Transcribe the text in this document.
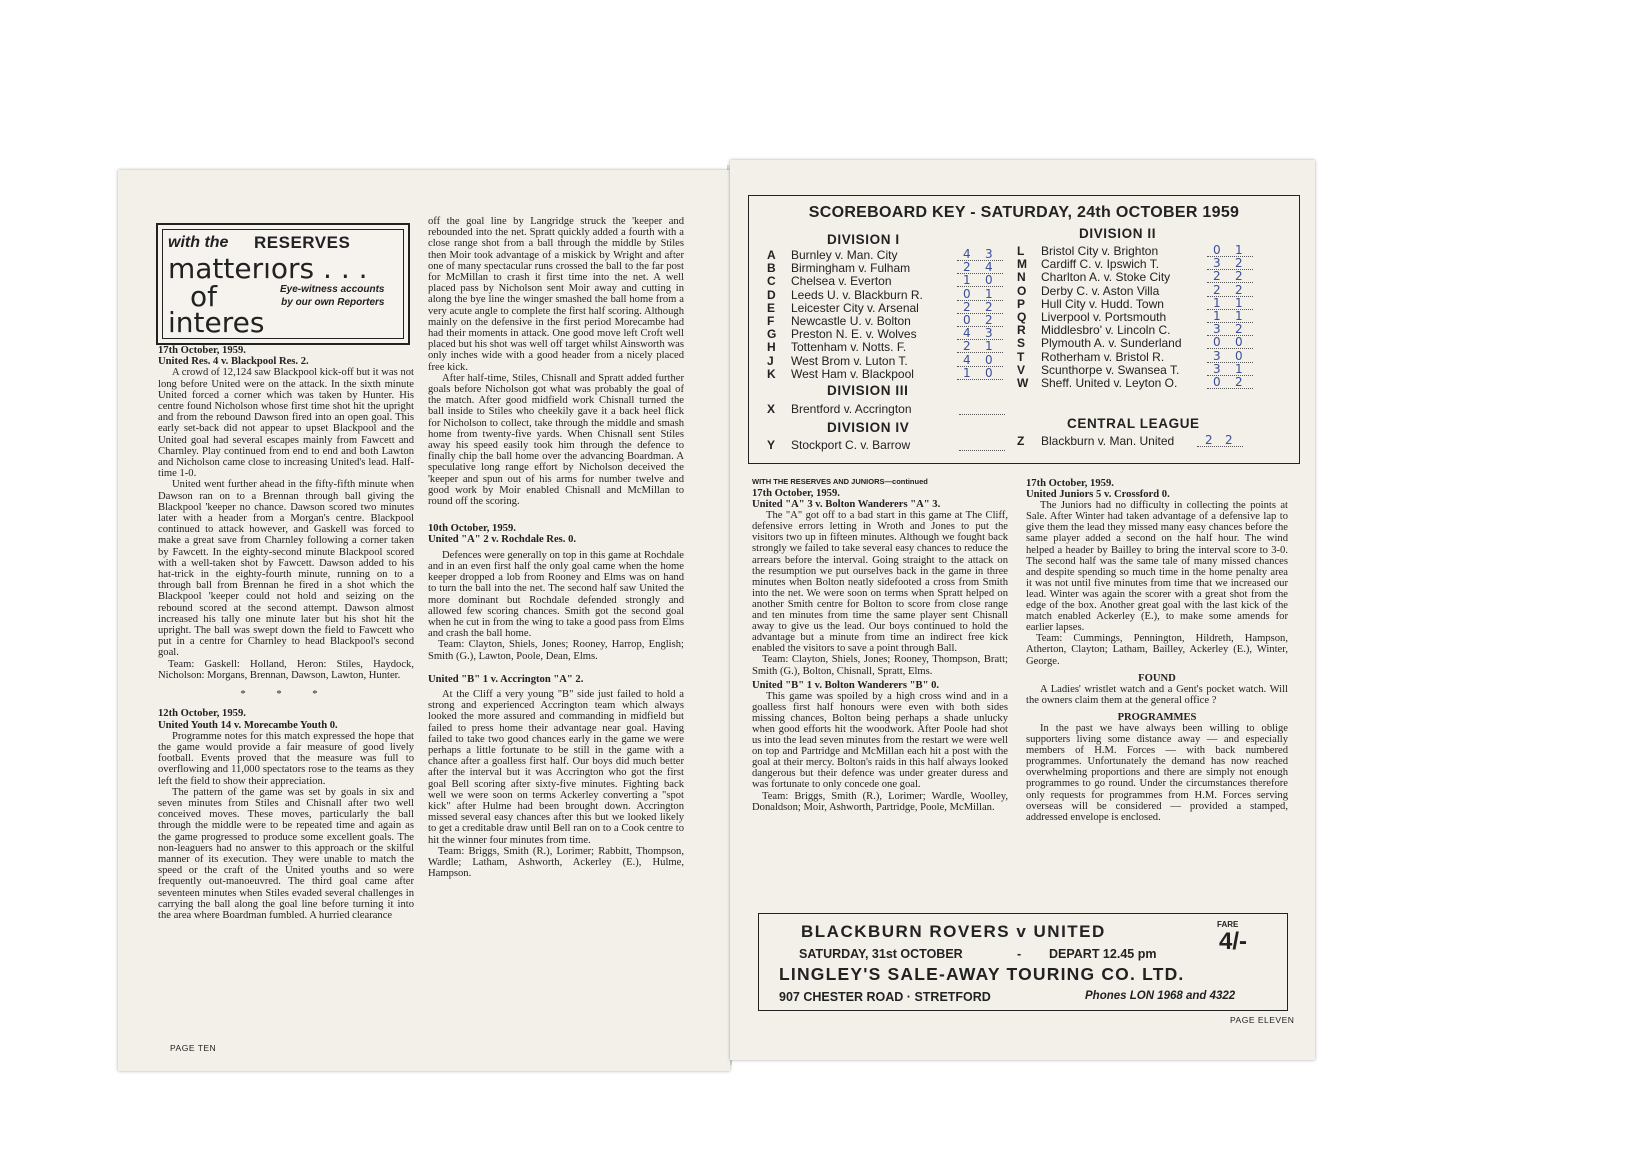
with the RESERVES
matterıors . . .
of
interes
Eye-witness accounts
by our own Reporters

17th October, 1959.

United Res. 4 v. Blackpool Res. 2.

A crowd of 12,124 saw Blackpool kick-off but it was not long before United were on the attack. In the sixth minute United forced a corner which was taken by Hunter. His centre found Nicholson whose first time shot hit the upright and from the rebound Dawson fired into an open goal. This early set-back did not appear to upset Blackpool and the United goal had several escapes mainly from Fawcett and Charnley. Play continued from end to end and both Lawton and Nicholson came close to increasing United's lead. Half-time 1-0.

United went further ahead in the fifty-fifth minute when Dawson ran on to a Brennan through ball giving the Blackpool 'keeper no chance. Dawson scored two minutes later with a header from a Morgan's centre. Blackpool continued to attack however, and Gaskell was forced to make a great save from Charnley following a corner taken by Fawcett. In the eighty-second minute Blackpool scored with a well-taken shot by Fawcett. Dawson added to his hat-trick in the eighty-fourth minute, running on to a through ball from Brennan he fired in a shot which the Blackpool 'keeper could not hold and seizing on the rebound scored at the second attempt. Dawson almost increased his tally one minute later but his shot hit the upright. The ball was swept down the field to Fawcett who put in a centre for Charnley to head Blackpool's second goal.

Team: Gaskell: Holland, Heron: Stiles, Haydock, Nicholson: Morgans, Brennan, Dawson, Lawton, Hunter.

* * *

12th October, 1959.

United Youth 14 v. Morecambe Youth 0.

Programme notes for this match expressed the hope that the game would provide a fair measure of good lively football. Events proved that the measure was full to overflowing and 11,000 spectators rose to the teams as they left the field to show their appreciation.

The pattern of the game was set by goals in six and seven minutes from Stiles and Chisnall after two well conceived moves. These moves, particularly the ball through the middle were to be repeated time and again as the game progressed to produce some excellent goals. The non-leaguers had no answer to this approach or the skilful manner of its execution. They were unable to match the speed or the craft of the United youths and so were frequently out-manoeuvred. The third goal came after seventeen minutes when Stiles evaded several challenges in carrying the ball along the goal line before turning it into the area where Boardman fumbled. A hurried clearance

off the goal line by Langridge struck the 'keeper and rebounded into the net. Spratt quickly added a fourth with a close range shot from a ball through the middle by Stiles then Moir took advantage of a miskick by Wright and after one of many spectacular runs crossed the ball to the far post for McMillan to crash it first time into the net. A well placed pass by Nicholson sent Moir away and cutting in along the bye line the winger smashed the ball home from a very acute angle to complete the first half scoring. Although mainly on the defensive in the first period Morecambe had had their moments in attack. One good move left Croft well placed but his shot was well off target whilst Ainsworth was only inches wide with a good header from a nicely placed free kick.

After half-time, Stiles, Chisnall and Spratt added further goals before Nicholson got what was probably the goal of the match. After good midfield work Chisnall turned the ball inside to Stiles who cheekily gave it a back heel flick for Nicholson to collect, take through the middle and smash home from twenty-five yards. When Chisnall sent Stiles away his speed easily took him through the defence to finally chip the ball home over the advancing Boardman. A speculative long range effort by Nicholson deceived the 'keeper and spun out of his arms for number twelve and good work by Moir enabled Chisnall and McMillan to round off the scoring.

10th October, 1959.

United "A" 2 v. Rochdale Res. 0.

Defences were generally on top in this game at Rochdale and in an even first half the only goal came when the home keeper dropped a lob from Rooney and Elms was on hand to turn the ball into the net. The second half saw United the more dominant but Rochdale defended strongly and allowed few scoring chances. Smith got the second goal when he cut in from the wing to take a good pass from Elms and crash the ball home.

Team: Clayton, Shiels, Jones; Rooney, Harrop, English; Smith (G.), Lawton, Poole, Dean, Elms.

United "B" 1 v. Accrington "A" 2.

At the Cliff a very young "B" side just failed to hold a strong and experienced Accrington team which always looked the more assured and commanding in midfield but failed to press home their advantage near goal. Having failed to take two good chances early in the game we were perhaps a little fortunate to be still in the game with a chance after a goalless first half. Our boys did much better after the interval but it was Accrington who got the first goal Bell scoring after sixty-five minutes. Fighting back well we were soon on terms Ackerley converting a "spot kick" after Hulme had been brought down. Accrington missed several easy chances after this but we looked likely to get a creditable draw until Bell ran on to a Cook centre to hit the winner four minutes from time.

Team: Briggs, Smith (R.), Lorimer; Rabbitt, Thompson, Wardle; Latham, Ashworth, Ackerley (E.), Hulme, Hampson.

PAGE TEN
SCOREBOARD KEY - SATURDAY, 24th OCTOBER 1959
DIVISION I	DIVISION II
A Burnley v. Man. City	4 3
B Birmingham v. Fulham	2 4
C Chelsea v. Everton	1 0
D Leeds U. v. Blackburn R.	0 1
E Leicester City v. Arsenal	2 2
F Newcastle U. v. Bolton	0 2
G Preston N. E. v. Wolves	4 3
H Tottenham v. Notts. F.	2 1
J West Brom v. Luton T.	4 0
K West Ham v. Blackpool	1 0
L Bristol City v. Brighton	0 1
M Cardiff C. v. Ipswich T.	3 2
N Charlton A. v. Stoke City	2 2
O Derby C. v. Aston Villa	2 2
P Hull City v. Hudd. Town	1 1
Q Liverpool v. Portsmouth	1 1
R Middlesbro' v. Lincoln C.	3 2
S Plymouth A. v. Sunderland	0 0
T Rotherham v. Bristol R.	3 0
V Scunthorpe v. Swansea T.	3 1
W Sheff. United v. Leyton O.	0 2
DIVISION III
X Brentford v. Accrington
DIVISION IV
Y Stockport C. v. Barrow
CENTRAL LEAGUE
Z Blackburn v. Man. United	2 2
WITH THE RESERVES AND JUNIORS—continued

17th October, 1959.

United "A" 3 v. Bolton Wanderers "A" 3.

The "A" got off to a bad start in this game at The Cliff, defensive errors letting in Wroth and Jones to put the visitors two up in fifteen minutes. Although we fought back strongly we failed to take several easy chances to reduce the arrears before the interval. Going straight to the attack on the resumption we put ourselves back in the game in three minutes when Bolton neatly sidefooted a cross from Smith into the net. We were soon on terms when Spratt helped on another Smith centre for Bolton to score from close range and ten minutes from time the same player sent Chisnall away to give us the lead. Our boys continued to hold the advantage but a minute from time an indirect free kick enabled the visitors to save a point through Ball.

Team: Clayton, Shiels, Jones; Rooney, Thompson, Bratt; Smith (G.), Bolton, Chisnall, Spratt, Elms.

United "B" 1 v. Bolton Wanderers "B" 0.

This game was spoiled by a high cross wind and in a goalless first half honours were even with both sides missing chances, Bolton being perhaps a shade unlucky when good efforts hit the woodwork. After Poole had shot us into the lead seven minutes from the restart we were well on top and Partridge and McMillan each hit a post with the goal at their mercy. Bolton's raids in this half always looked dangerous but their defence was under greater duress and was fortunate to only concede one goal.

Team: Briggs, Smith (R.), Lorimer; Wardle, Woolley, Donaldson; Moir, Ashworth, Partridge, Poole, McMillan.

17th October, 1959.

United Juniors 5 v. Crossford 0.

The Juniors had no difficulty in collecting the points at Sale. After Winter had taken advantage of a defensive lap to give them the lead they missed many easy chances before the same player added a second on the half hour. The wind helped a header by Bailley to bring the interval score to 3-0. The second half was the same tale of many missed chances and despite spending so much time in the home penalty area it was not until five minutes from time that we increased our lead. Winter was again the scorer with a great shot from the edge of the box. Another great goal with the last kick of the match enabled Ackerley (E.), to make some amends for earlier lapses.

Team: Cummings, Pennington, Hildreth, Hampson, Atherton, Clayton; Latham, Bailley, Ackerley (E.), Winter, George.

FOUND

A Ladies' wristlet watch and a Gent's pocket watch. Will the owners claim them at the general office ?

PROGRAMMES

In the past we have always been willing to oblige supporters living some distance away — and especially members of H.M. Forces — with back numbered programmes. Unfortunately the demand has now reached overwhelming proportions and there are simply not enough programmes to go round. Under the circumstances therefore only requests for programmes from H.M. Forces serving overseas will be considered — provided a stamped, addressed envelope is enclosed.

BLACKBURN ROVERS v UNITED	FARE
4/-
SATURDAY, 31st OCTOBER	- DEPART 12.45 pm
LINGLEY'S SALE-AWAY TOURING CO. LTD.
907 CHESTER ROAD · STRETFORD	Phones LON 1968 and 4322
PAGE ELEVEN
